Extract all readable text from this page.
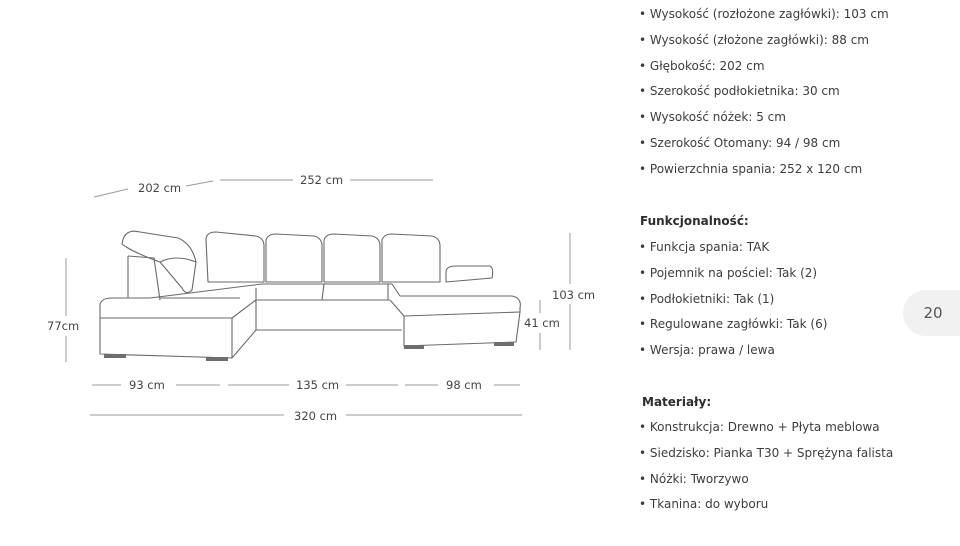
202 cm
252 cm
77cm
103 cm
41 cm
93 cm	135 cm	98 cm
320 cm
• Wysokość (rozłożone zagłówki): 103 cm
• Wysokość (złożone zagłówki): 88 cm
• Głębokość: 202 cm
• Szerokość podłokietnika: 30 cm
• Wysokość nóżek: 5 cm
• Szerokość Otomany: 94 / 98 cm
• Powierzchnia spania: 252 x 120 cm
Funkcjonalność:
• Funkcja spania: TAK
• Pojemnik na pościel: Tak (2)
• Podłokietniki: Tak (1)
• Regulowane zagłówki: Tak (6)
• Wersja: prawa / lewa
Materiały:
• Konstrukcja: Drewno + Płyta meblowa
• Siedzisko: Pianka T30 + Sprężyna falista
• Nóżki: Tworzywo
• Tkanina: do wyboru
20
